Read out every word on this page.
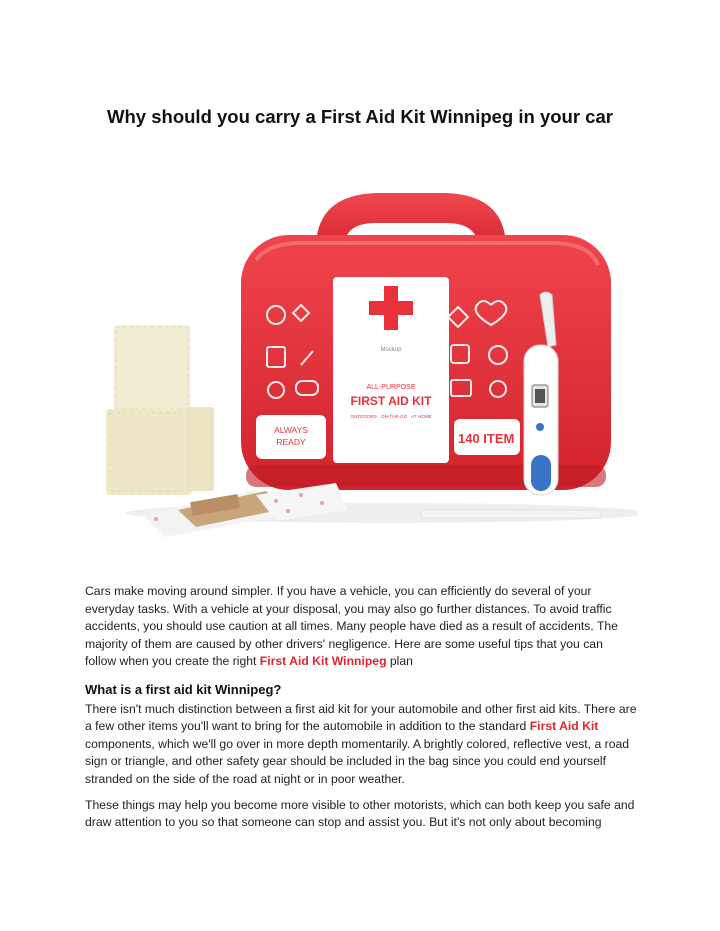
Why should you carry a First Aid Kit Winnipeg in your car
Mockup
ALL-PURPOSE
FIRST AID KIT
OUTDOORS · ON-THE-GO · AT HOME
ALWAYS
READY	140 ITEM

Cars make moving around simpler. If you have a vehicle, you can efficiently do several of your everyday tasks. With a vehicle at your disposal, you may also go further distances. To avoid traffic accidents, you should use caution at all times. Many people have died as a result of accidents. The majority of them are caused by other drivers' negligence. Here are some useful tips that you can follow when you create the right First Aid Kit Winnipeg plan

What is a first aid kit Winnipeg?

There isn't much distinction between a first aid kit for your automobile and other first aid kits. There are a few other items you'll want to bring for the automobile in addition to the standard First Aid Kit components, which we'll go over in more depth momentarily. A brightly colored, reflective vest, a road sign or triangle, and other safety gear should be included in the bag since you could end yourself stranded on the side of the road at night or in poor weather.

These things may help you become more visible to other motorists, which can both keep you safe and draw attention to you so that someone can stop and assist you. But it's not only about becoming
